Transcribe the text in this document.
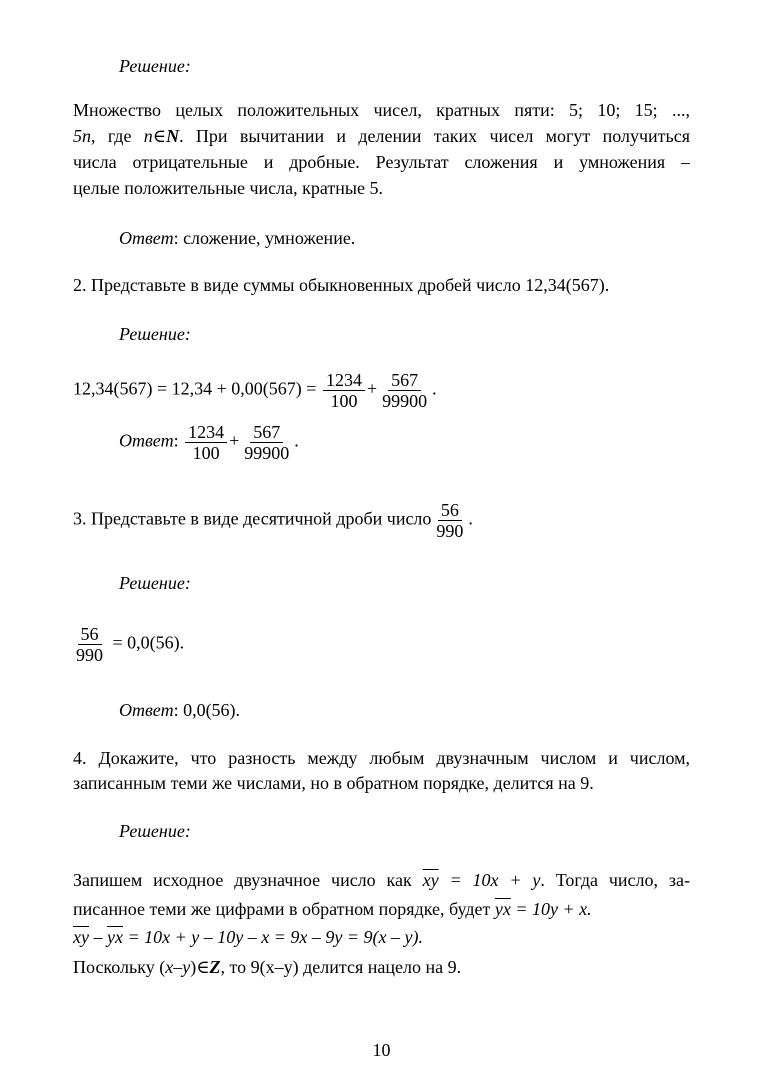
Решение:
Множество целых положительных чисел, кратных пяти: 5; 10; 15; ...,
5n, где n∈N. При вычитании и делении таких чисел могут получиться
числа отрицательные и дробные. Результат сложения и умножения –
целые положительные числа, кратные 5.
Ответ: сложение, умножение.
2. Представьте в виде суммы обыкновенных дробей число 12,34(567).
Решение:
$12,34(567) = 12,34 + 0,00(567) = \frac{1234}{100} + \frac{567}{99900}$ .
Ответ: $\frac{1234}{100} + \frac{567}{99900}$ .
3. Представьте в виде десятичной дроби число $\frac{56}{990}$ .
Решение:
$\frac{56}{990} = 0,0(56)$.
Ответ: 0,0(56).
4. Докажите, что разность между любым двузначным числом и числом,
записанным теми же числами, но в обратном порядке, делится на 9.
Решение:
Запишем исходное двузначное число как $\overline{xy} = 10x + y$. Тогда число, за-
писанное теми же цифрами в обратном порядке, будет $\overline{yx} = 10y + x$.
$\overline{xy} - \overline{yx} = 10x + y - 10y - x = 9x - 9y = 9(x - y)$.
Поскольку (x–y)∈Z, то 9(x–y) делится нацело на 9.
10
